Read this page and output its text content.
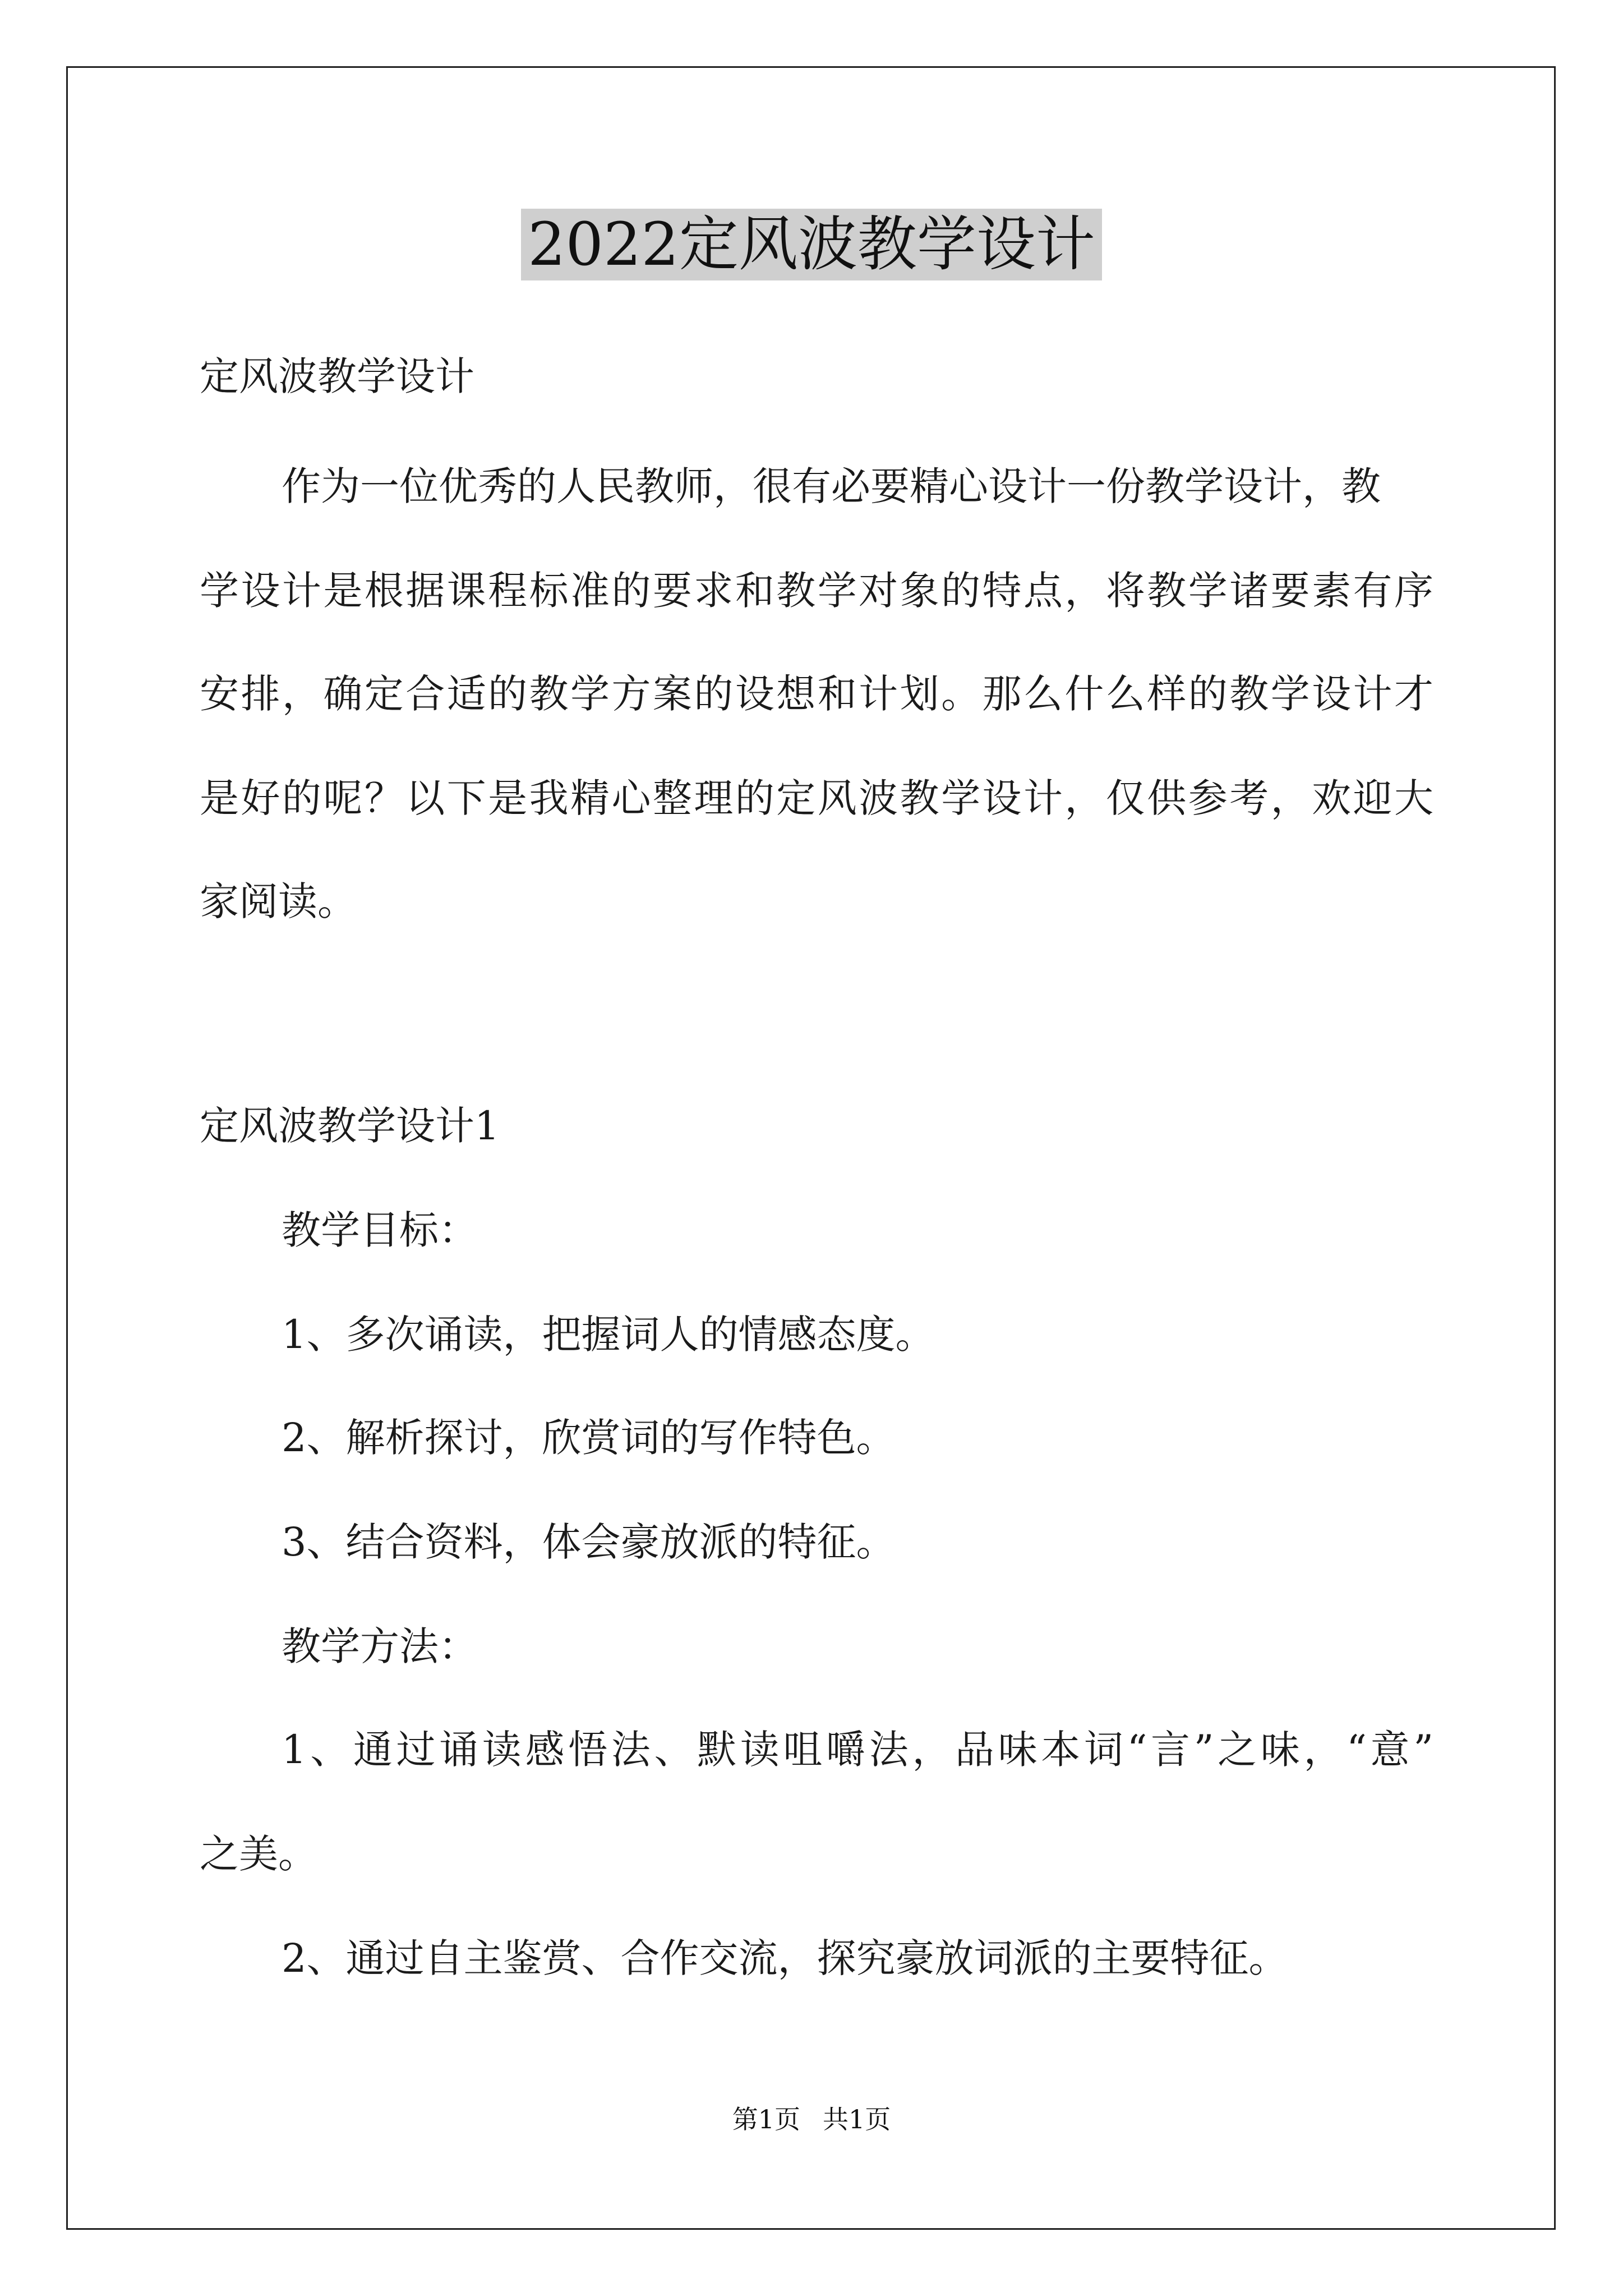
2022定风波教学设计
定风波教学设计
作为一位优秀的人民教师，很有必要精心设计一份教学设计，教
学设计是根据课程标准的要求和教学对象的特点，将教学诸要素有序
安排，确定合适的教学方案的设想和计划。那么什么样的教学设计才
是好的呢？以下是我精心整理的定风波教学设计，仅供参考，欢迎大
家阅读。
定风波教学设计1
教学目标：
1、多次诵读，把握词人的情感态度。
2、解析探讨，欣赏词的写作特色。
3、结合资料，体会豪放派的特征。
教学方法：
1、通过诵读感悟法、默读咀嚼法，品味本词“言”之味，“意”
之美。
2、通过自主鉴赏、合作交流，探究豪放词派的主要特征。
第1页 共1页
